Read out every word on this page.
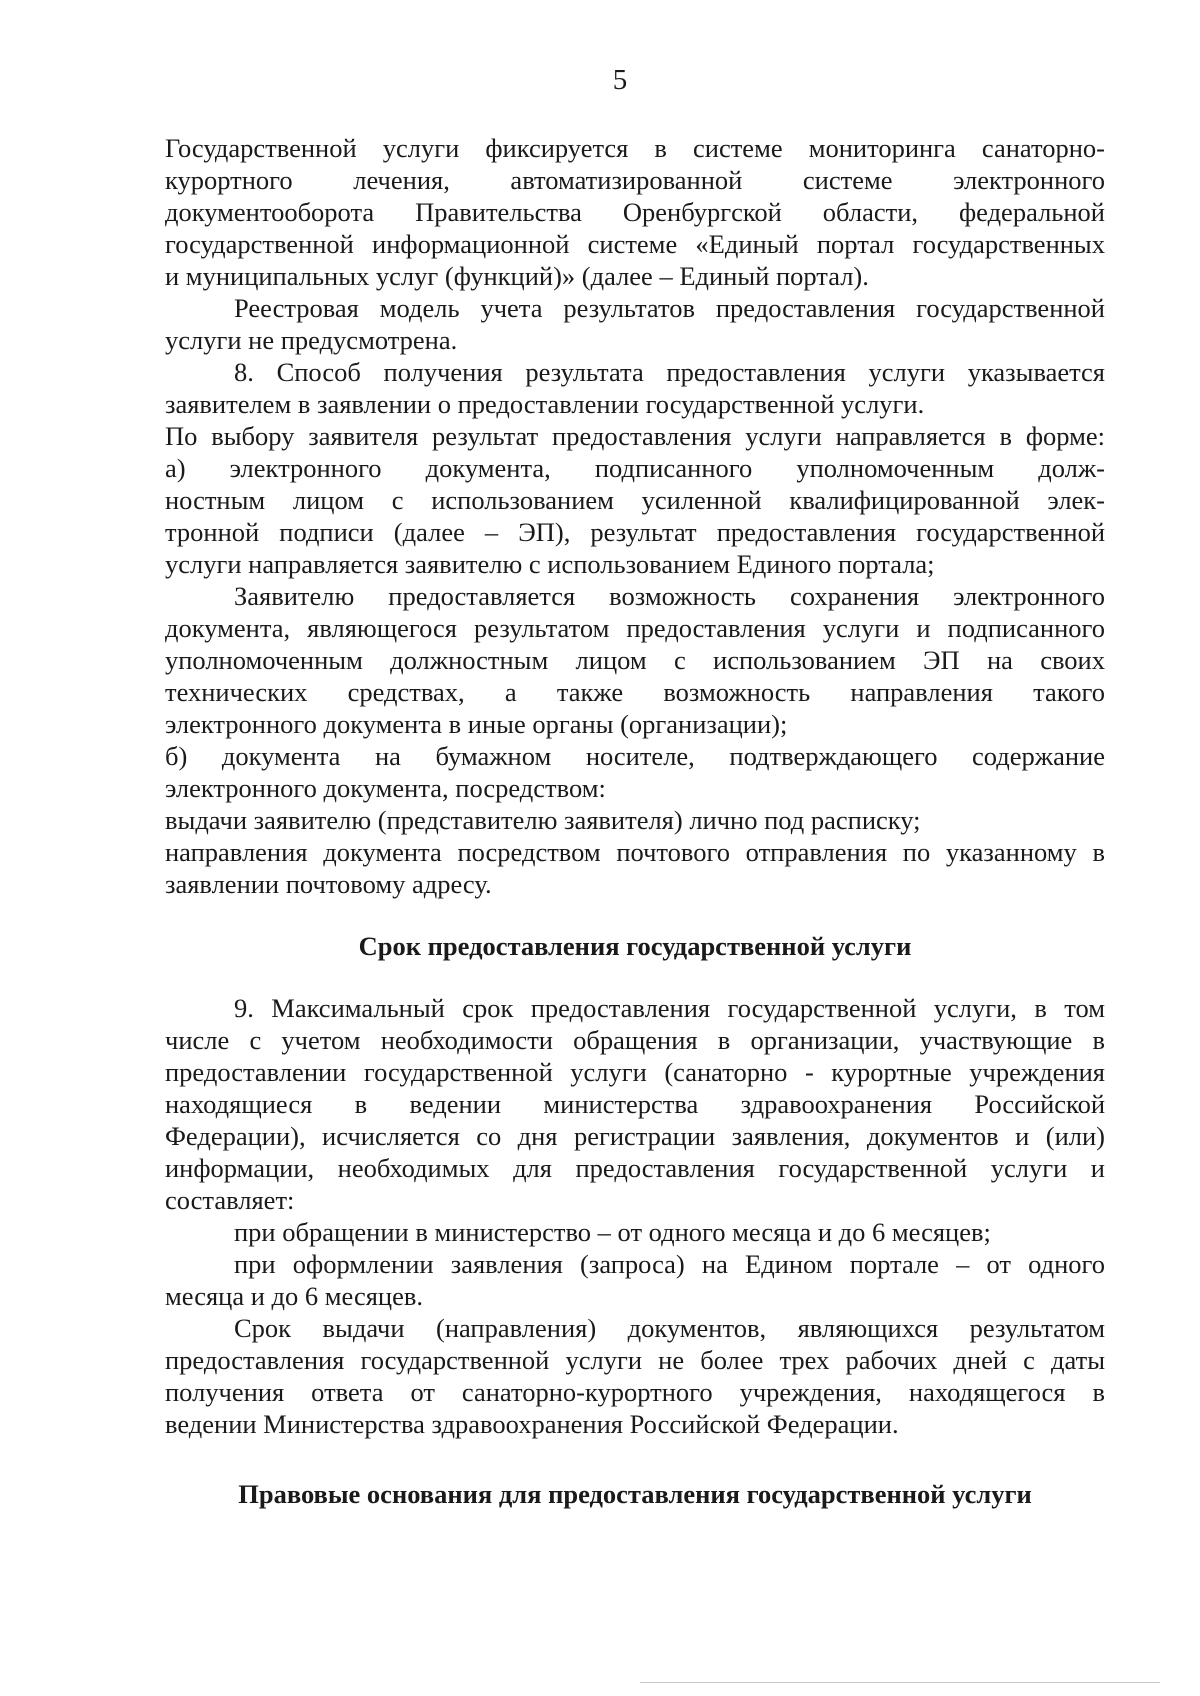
5

Государственной услуги фиксируется в системе мониторинга санаторно-

курортного лечения, автоматизированной системе электронного

документооборота Правительства Оренбургской области, федеральной

государственной информационной системе «Единый портал государственных

и муниципальных услуг (функций)» (далее – Единый портал).

Реестровая модель учета результатов предоставления государственной

услуги не предусмотрена.

8. Способ получения результата предоставления услуги указывается

заявителем в заявлении о предоставлении государственной услуги.

По выбору заявителя результат предоставления услуги направляется в форме:

а) электронного документа, подписанного уполномоченным долж-

ностным лицом с использованием усиленной квалифицированной элек-

тронной подписи (далее – ЭП), результат предоставления государственной

услуги направляется заявителю с использованием Единого портала;

Заявителю предоставляется возможность сохранения электронного

документа, являющегося результатом предоставления услуги и подписанного

уполномоченным должностным лицом с использованием ЭП на своих

технических средствах, а также возможность направления такого

электронного документа в иные органы (организации);

б) документа на бумажном носителе, подтверждающего содержание

электронного документа, посредством:

выдачи заявителю (представителю заявителя) лично под расписку;

направления документа посредством почтового отправления по указанному в

заявлении почтовому адресу.

Срок предоставления государственной услуги

9. Максимальный срок предоставления государственной услуги, в том

числе с учетом необходимости обращения в организации, участвующие в

предоставлении государственной услуги (санаторно - курортные учреждения

находящиеся в ведении министерства здравоохранения Российской

Федерации), исчисляется со дня регистрации заявления, документов и (или)

информации, необходимых для предоставления государственной услуги и

составляет:

при обращении в министерство – от одного месяца и до 6 месяцев;

при оформлении заявления (запроса) на Едином портале – от одного

месяца и до 6 месяцев.

Срок выдачи (направления) документов, являющихся результатом

предоставления государственной услуги не более трех рабочих дней с даты

получения ответа от санаторно-курортного учреждения, находящегося в

ведении Министерства здравоохранения Российской Федерации.

Правовые основания для предоставления государственной услуги
